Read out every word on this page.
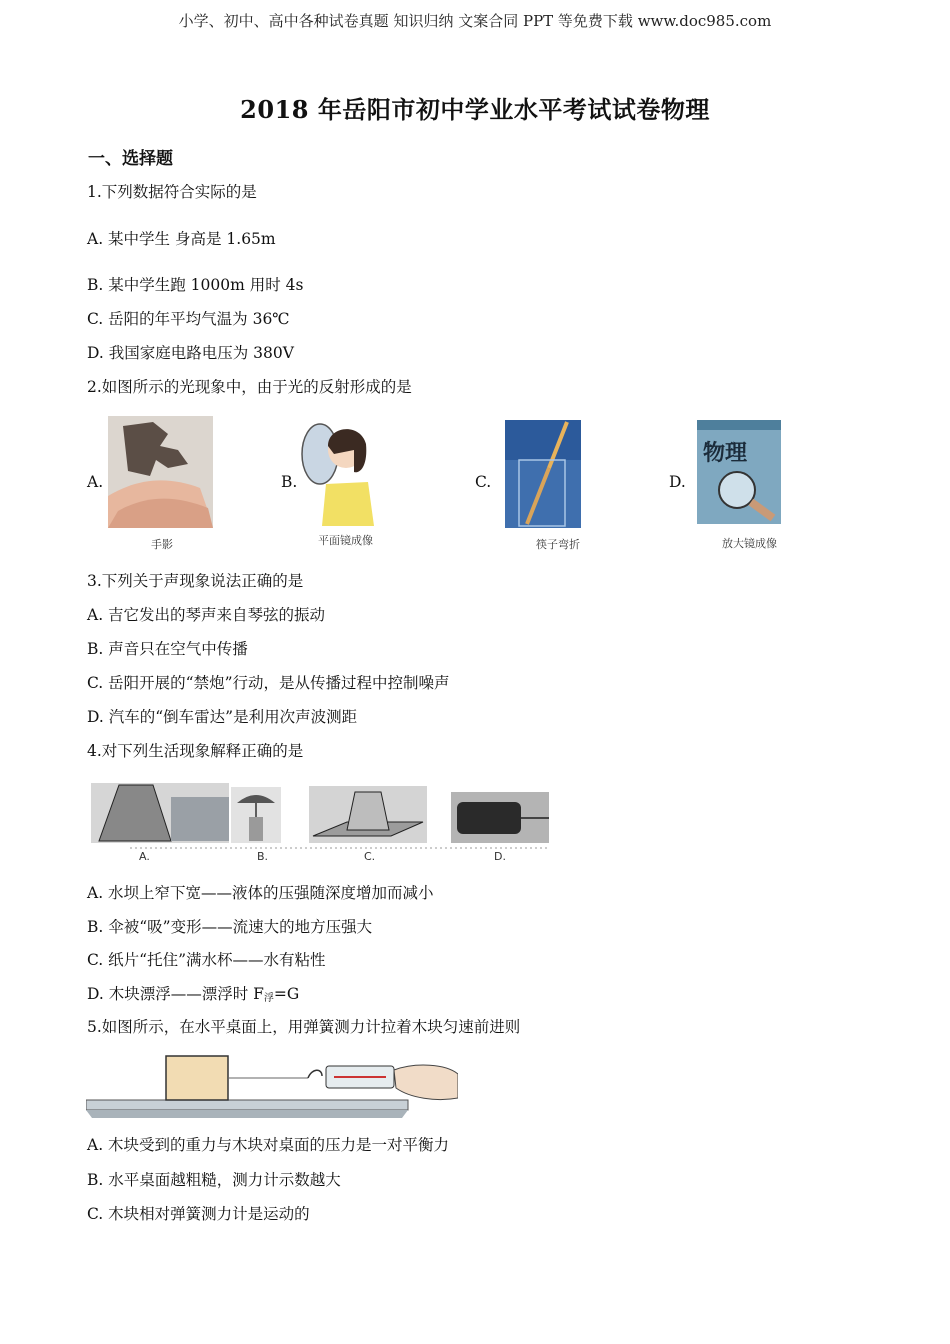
小学、初中、高中各种试卷真题 知识归纳 文案合同 PPT 等免费下载 www.doc985.com
2018 年岳阳市初中学业水平考试试卷物理
一、选择题
1.下列数据符合实际的是
A. 某中学生 身高是 1.65m
B. 某中学生跑 1000m 用时 4s
C. 岳阳的年平均气温为 36℃
D. 我国家庭电路电压为 380V
2.如图所示的光现象中，由于光的反射形成的是
A.	B.	C.	D.
手影	平面镜成像	筷子弯折
物理
放大镜成像
3.下列关于声现象说法正确的是
A. 吉它发出的琴声来自琴弦的振动
B. 声音只在空气中传播
C. 岳阳开展的“禁炮”行动，是从传播过程中控制噪声
D. 汽车的“倒车雷达”是利用次声波测距
4.对下列生活现象解释正确的是
A.	B.	C.	D.
A. 水坝上窄下宽——液体的压强随深度增加而减小
B. 伞被“吸”变形——流速大的地方压强大
C. 纸片“托住”满水杯——水有粘性
D. 木块漂浮——漂浮时 $F_浮=G$
5.如图所示，在水平桌面上，用弹簧测力计拉着木块匀速前进则
A. 木块受到的重力与木块对桌面的压力是一对平衡力
B. 水平桌面越粗糙，测力计示数越大
C. 木块相对弹簧测力计是运动的
